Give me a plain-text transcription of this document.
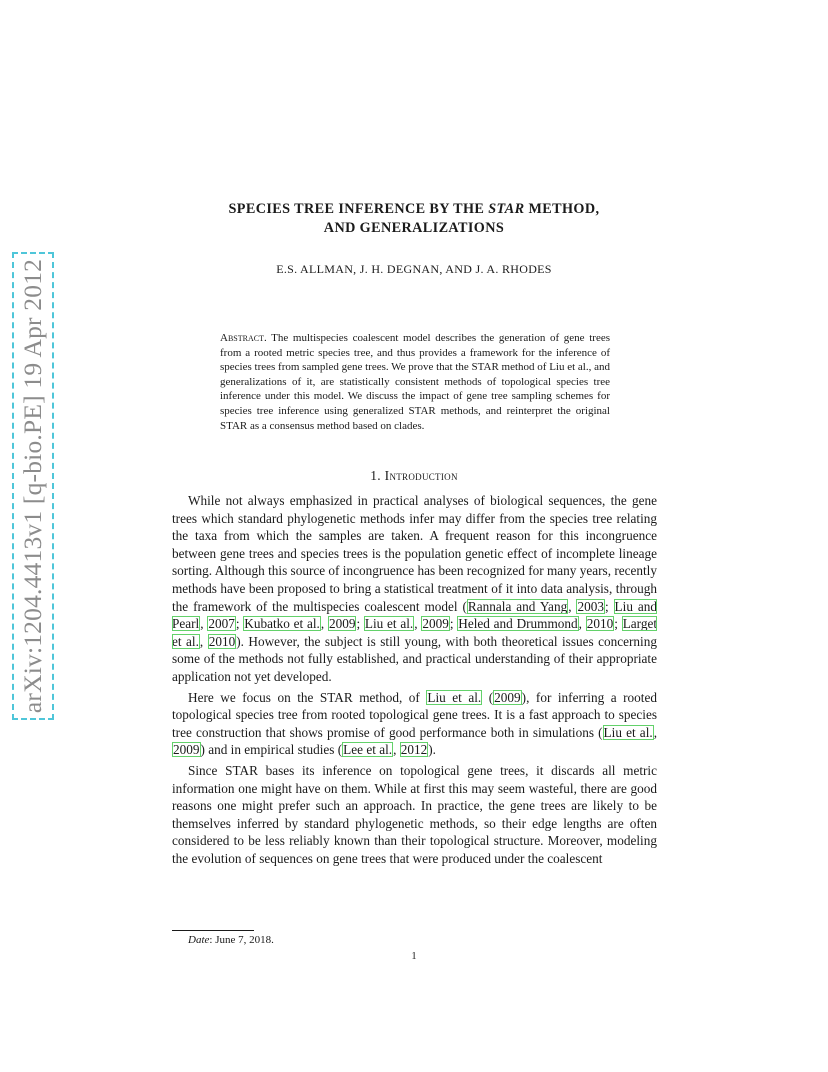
arXiv:1204.4413v1 [q-bio.PE] 19 Apr 2012
SPECIES TREE INFERENCE BY THE STAR METHOD,
AND GENERALIZATIONS
E.S. ALLMAN, J. H. DEGNAN, AND J. A. RHODES
Abstract. The multispecies coalescent model describes the generation of gene trees from a rooted metric species tree, and thus provides a framework for the inference of species trees from sampled gene trees. We prove that the STAR method of Liu et al., and generalizations of it, are statistically consistent methods of topological species tree inference under this model. We discuss the impact of gene tree sampling schemes for species tree inference using generalized STAR methods, and reinterpret the original STAR as a consensus method based on clades.
1. Introduction

While not always emphasized in practical analyses of biological sequences, the gene trees which standard phylogenetic methods infer may differ from the species tree relating the taxa from which the samples are taken. A frequent reason for this incongruence between gene trees and species trees is the population genetic effect of incomplete lineage sorting. Although this source of incongruence has been recognized for many years, recently methods have been proposed to bring a statistical treatment of it into data analysis, through the framework of the multispecies coalescent model (Rannala and Yang, 2003; Liu and Pearl, 2007; Kubatko et al., 2009; Liu et al., 2009; Heled and Drummond, 2010; Larget et al., 2010). However, the subject is still young, with both theoretical issues concerning some of the methods not fully established, and practical understanding of their appropriate application not yet developed.

Here we focus on the STAR method, of Liu et al. (2009), for inferring a rooted topological species tree from rooted topological gene trees. It is a fast approach to species tree construction that shows promise of good performance both in simulations (Liu et al., 2009) and in empirical studies (Lee et al., 2012).

Since STAR bases its inference on topological gene trees, it discards all metric information one might have on them. While at first this may seem wasteful, there are good reasons one might prefer such an approach. In practice, the gene trees are likely to be themselves inferred by standard phylogenetic methods, so their edge lengths are often considered to be less reliably known than their topological structure. Moreover, modeling the evolution of sequences on gene trees that were produced under the coalescent

Date: June 7, 2018.
1
